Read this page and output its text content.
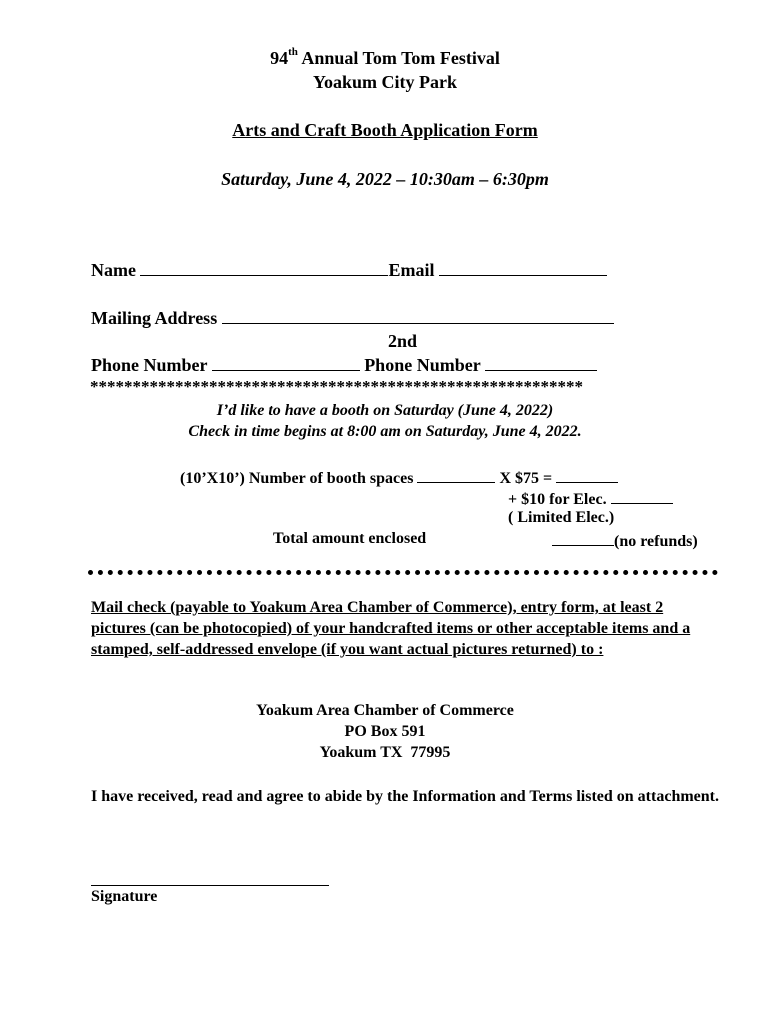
94th Annual Tom Tom Festival
Yoakum City Park
Arts and Craft Booth Application Form
Saturday, June 4, 2022 – 10:30am – 6:30pm
Name	Email
Mailing Address
2nd
Phone Number	Phone Number
**********************************************************
I’d like to have a booth on Saturday (June 4, 2022)
Check in time begins at 8:00 am on Saturday, June 4, 2022.
(10’X10’) Number of booth spaces	X $75 =
+ $10 for Elec.
( Limited Elec.)
Total amount enclosed	(no refunds)
Mail check (payable to Yoakum Area Chamber of Commerce), entry form, at least 2 pictures (can be photocopied) of your handcrafted items or other acceptable items and a stamped, self-addressed envelope (if you want actual pictures returned) to :
Yoakum Area Chamber of Commerce
PO Box 591
Yoakum TX  77995
I have received, read and agree to abide by the Information and Terms listed on attachment.
Signature
